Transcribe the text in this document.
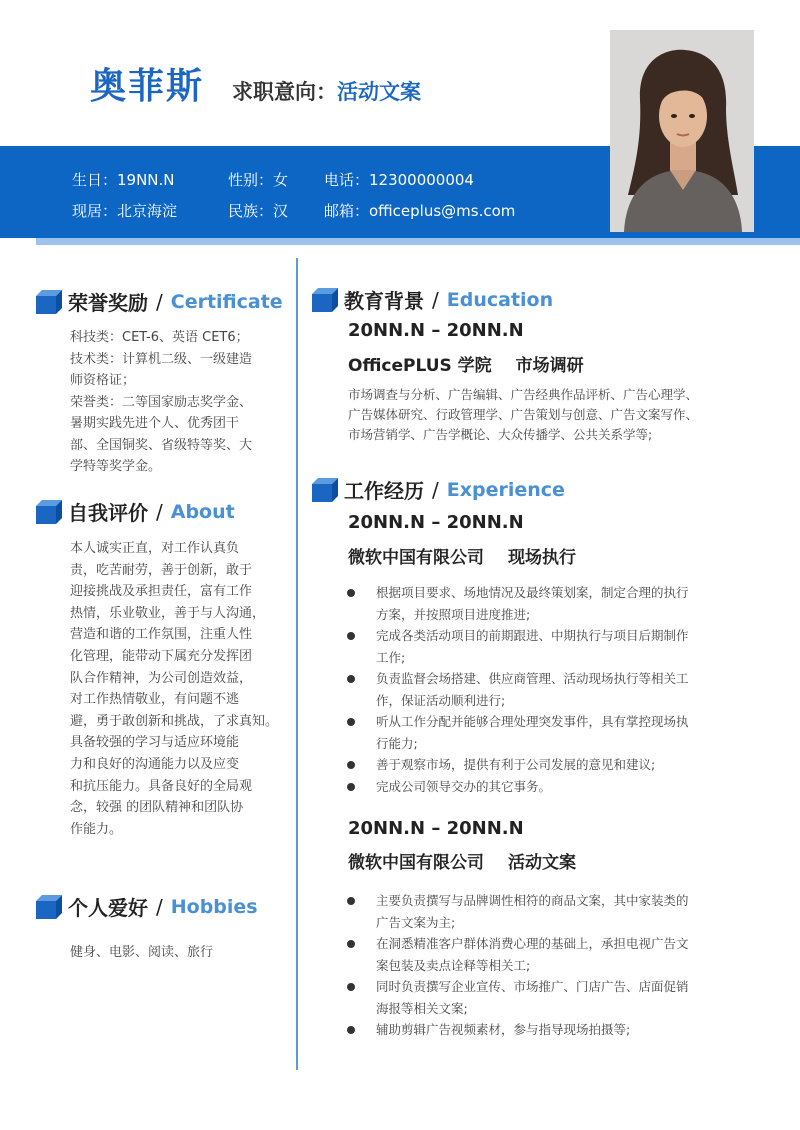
奥菲斯 求职意向：活动文案
生日：19NN.N	性别：女 电话：12300000004
现居：北京海淀	民族：汉 邮箱：officeplus@ms.com
荣誉奖励 / Certificate
科技类：CET-6、英语 CET6；
技术类：计算机二级、一级建造
师资格证；
荣誉类：二等国家励志奖学金、
暑期实践先进个人、优秀团干
部、全国铜奖、省级特等奖、大
学特等奖学金。
自我评价 / About
本人诚实正直，对工作认真负
责，吃苦耐劳，善于创新，敢于
迎接挑战及承担责任，富有工作
热情，乐业敬业，善于与人沟通，
营造和谐的工作氛围，注重人性
化管理，能带动下属充分发挥团
队合作精神，为公司创造效益，
对工作热情敬业，有问题不逃
避，勇于敢创新和挑战，了求真知。
具备较强的学习与适应环境能
力和良好的沟通能力以及应变
和抗压能力。具备良好的全局观
念，较强 的团队精神和团队协
作能力。
个人爱好 / Hobbies
健身、电影、阅读、旅行
教育背景 / Education
20NN.N – 20NN.N
OfficePLUS 学院 市场调研
市场调查与分析、广告编辑、广告经典作品评析、广告心理学、
广告媒体研究、行政管理学、广告策划与创意、广告文案写作、
市场营销学、广告学概论、大众传播学、公共关系学等;
工作经历 / Experience
20NN.N – 20NN.N
微软中国有限公司 现场执行
根据项目要求、场地情况及最终策划案，制定合理的执行
方案，并按照项目进度推进;
完成各类活动项目的前期跟进、中期执行与项目后期制作
工作;
负责监督会场搭建、供应商管理、活动现场执行等相关工
作，保证活动顺利进行;
听从工作分配并能够合理处理突发事件，具有掌控现场执
行能力;
善于观察市场，提供有利于公司发展的意见和建议;
完成公司领导交办的其它事务。
20NN.N – 20NN.N
微软中国有限公司 活动文案
主要负责撰写与品牌调性相符的商品文案，其中家装类的
广告文案为主;
在洞悉精准客户群体消费心理的基础上，承担电视广告文
案包装及卖点诠释等相关工;
同时负责撰写企业宣传、市场推广、门店广告、店面促销
海报等相关文案;
辅助剪辑广告视频素材，参与指导现场拍摄等;
